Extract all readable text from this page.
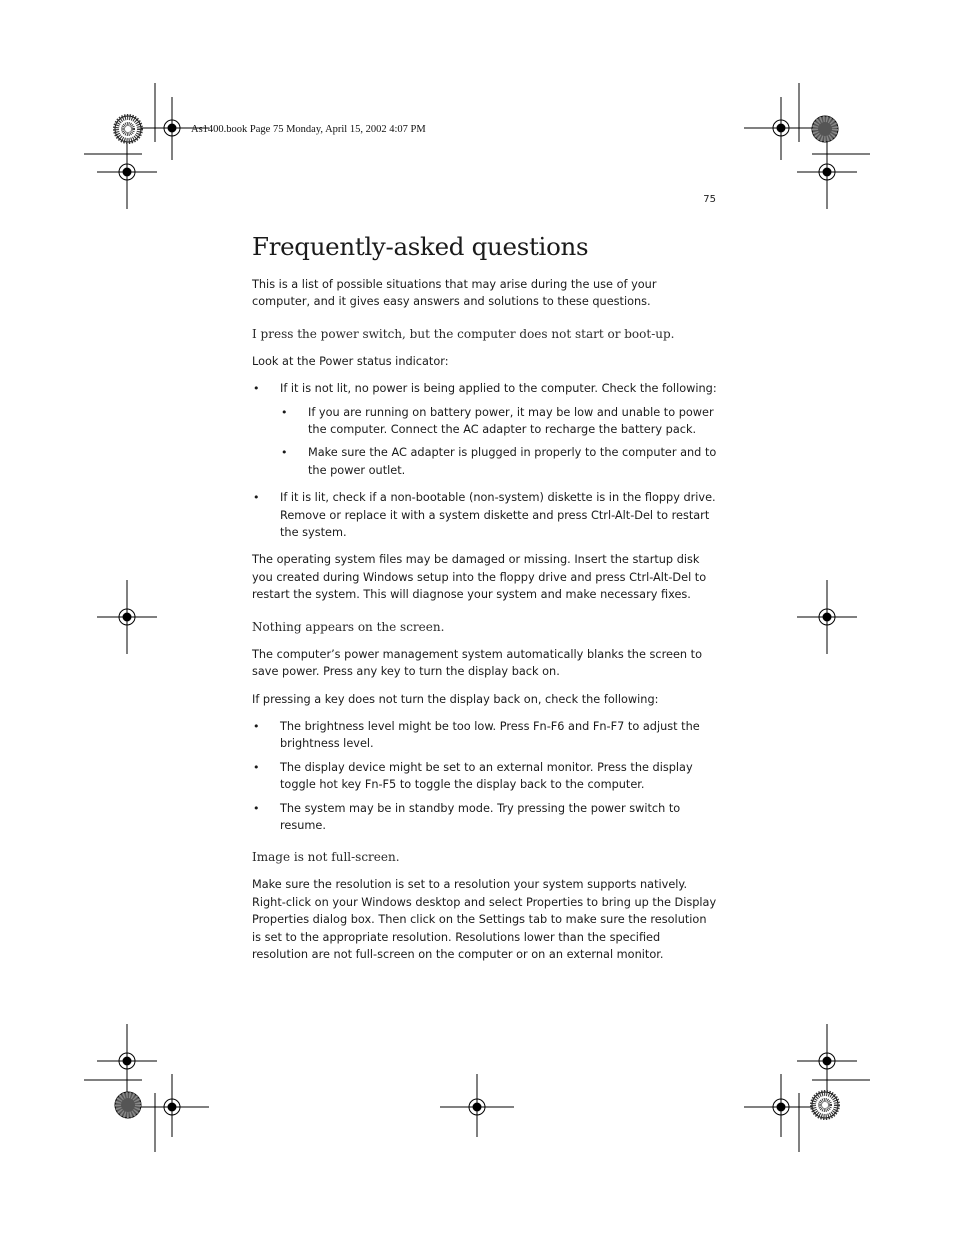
As1400.book Page 75 Monday, April 15, 2002 4:07 PM
75
Frequently-asked questions

This is a list of possible situations that may arise during the use of your computer, and it gives easy answers and solutions to these questions.

I press the power switch, but the computer does not start or boot-up.

Look at the Power status indicator:

• If it is not lit, no power is being applied to the computer. Check the following:
• If you are running on battery power, it may be low and unable to power the computer. Connect the AC adapter to recharge the battery pack.
• Make sure the AC adapter is plugged in properly to the computer and to the power outlet.
• If it is lit, check if a non-bootable (non-system) diskette is in the floppy drive. Remove or replace it with a system diskette and press Ctrl-Alt-Del to restart the system.

The operating system files may be damaged or missing. Insert the startup disk you created during Windows setup into the floppy drive and press Ctrl-Alt-Del to restart the system. This will diagnose your system and make necessary fixes.

Nothing appears on the screen.

The computer’s power management system automatically blanks the screen to save power. Press any key to turn the display back on.

If pressing a key does not turn the display back on, check the following:

• The brightness level might be too low. Press Fn-F6 and Fn-F7 to adjust the brightness level.
• The display device might be set to an external monitor. Press the display toggle hot key Fn-F5 to toggle the display back to the computer.
• The system may be in standby mode. Try pressing the power switch to resume.
Image is not full-screen.

Make sure the resolution is set to a resolution your system supports natively. Right-click on your Windows desktop and select Properties to bring up the Display Properties dialog box. Then click on the Settings tab to make sure the resolution is set to the appropriate resolution. Resolutions lower than the specified resolution are not full-screen on the computer or on an external monitor.
